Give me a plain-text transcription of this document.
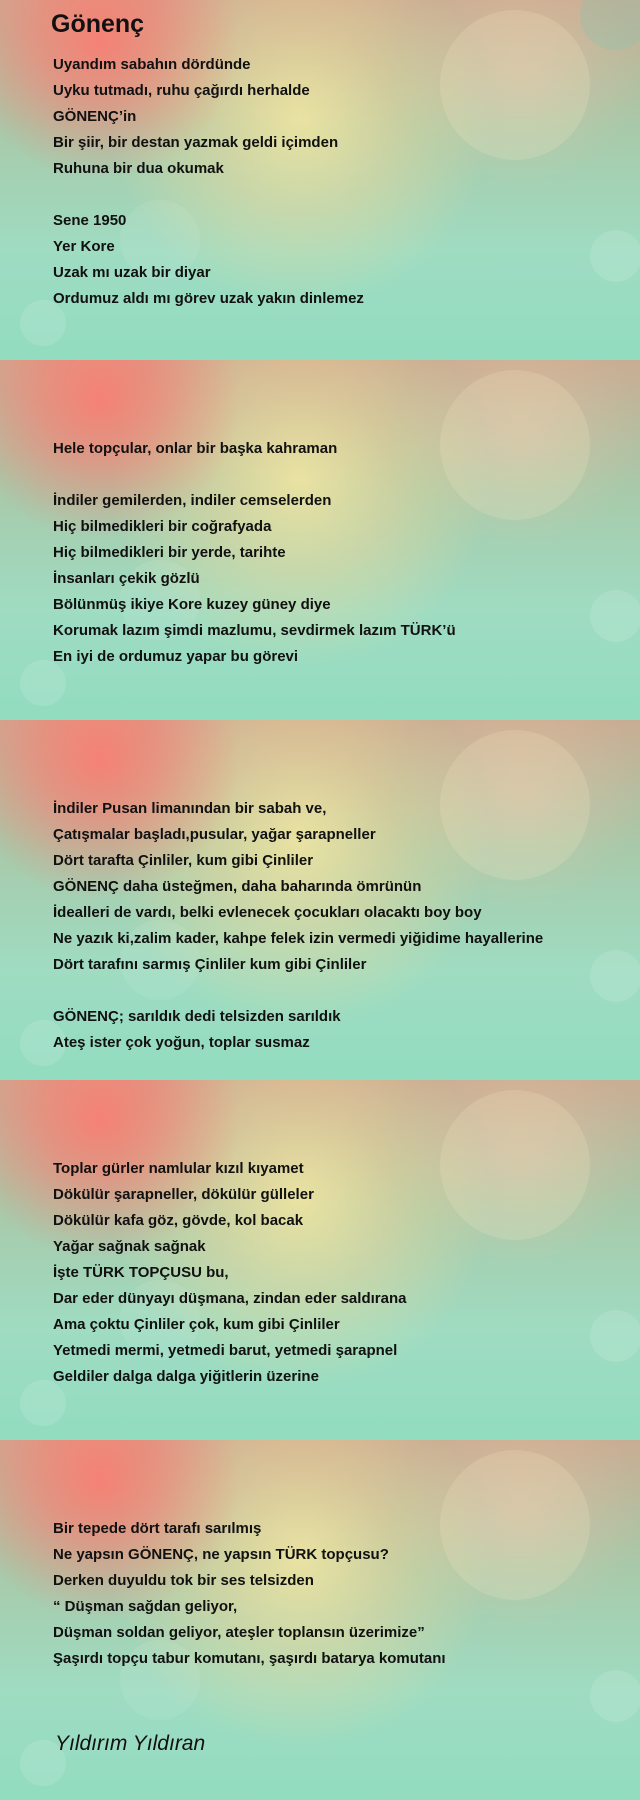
Gönenç
Uyandım sabahın dördünde
Uyku tutmadı, ruhu çağırdı herhalde
GÖNENÇ’in
Bir şiir, bir destan yazmak geldi içimden
Ruhuna bir dua okumak
Sene 1950
Yer Kore
Uzak mı uzak bir diyar
Ordumuz aldı mı görev uzak yakın dinlemez
Hele topçular, onlar bir başka kahraman
İndiler gemilerden, indiler cemselerden
Hiç bilmedikleri bir coğrafyada
Hiç bilmedikleri bir yerde, tarihte
İnsanları çekik gözlü
Bölünmüş ikiye Kore kuzey güney diye
Korumak lazım şimdi mazlumu, sevdirmek lazım TÜRK’ü
En iyi de ordumuz yapar bu görevi
İndiler Pusan limanından bir sabah ve,
Çatışmalar başladı,pusular, yağar şarapneller
Dört tarafta Çinliler, kum gibi Çinliler
GÖNENÇ daha üsteğmen, daha baharında ömrünün
İdealleri de vardı, belki evlenecek çocukları olacaktı boy boy
Ne yazık ki,zalim kader, kahpe felek izin vermedi yiğidime hayallerine
Dört tarafını sarmış Çinliler kum gibi Çinliler
GÖNENÇ; sarıldık dedi telsizden sarıldık
Ateş ister çok yoğun, toplar susmaz
Toplar gürler namlular kızıl kıyamet
Dökülür şarapneller, dökülür gülleler
Dökülür kafa göz, gövde, kol bacak
Yağar sağnak sağnak
İşte TÜRK TOPÇUSU bu,
Dar eder dünyayı düşmana, zindan eder saldırana
Ama çoktu Çinliler çok, kum gibi Çinliler
Yetmedi mermi, yetmedi barut, yetmedi şarapnel
Geldiler dalga dalga yiğitlerin üzerine
Bir tepede dört tarafı sarılmış
Ne yapsın GÖNENÇ, ne yapsın TÜRK topçusu?
Derken duyuldu tok bir ses telsizden
“ Düşman sağdan geliyor,
Düşman soldan geliyor, ateşler toplansın üzerimize”
Şaşırdı topçu tabur komutanı, şaşırdı batarya komutanı

Yıldırım Yıldıran
